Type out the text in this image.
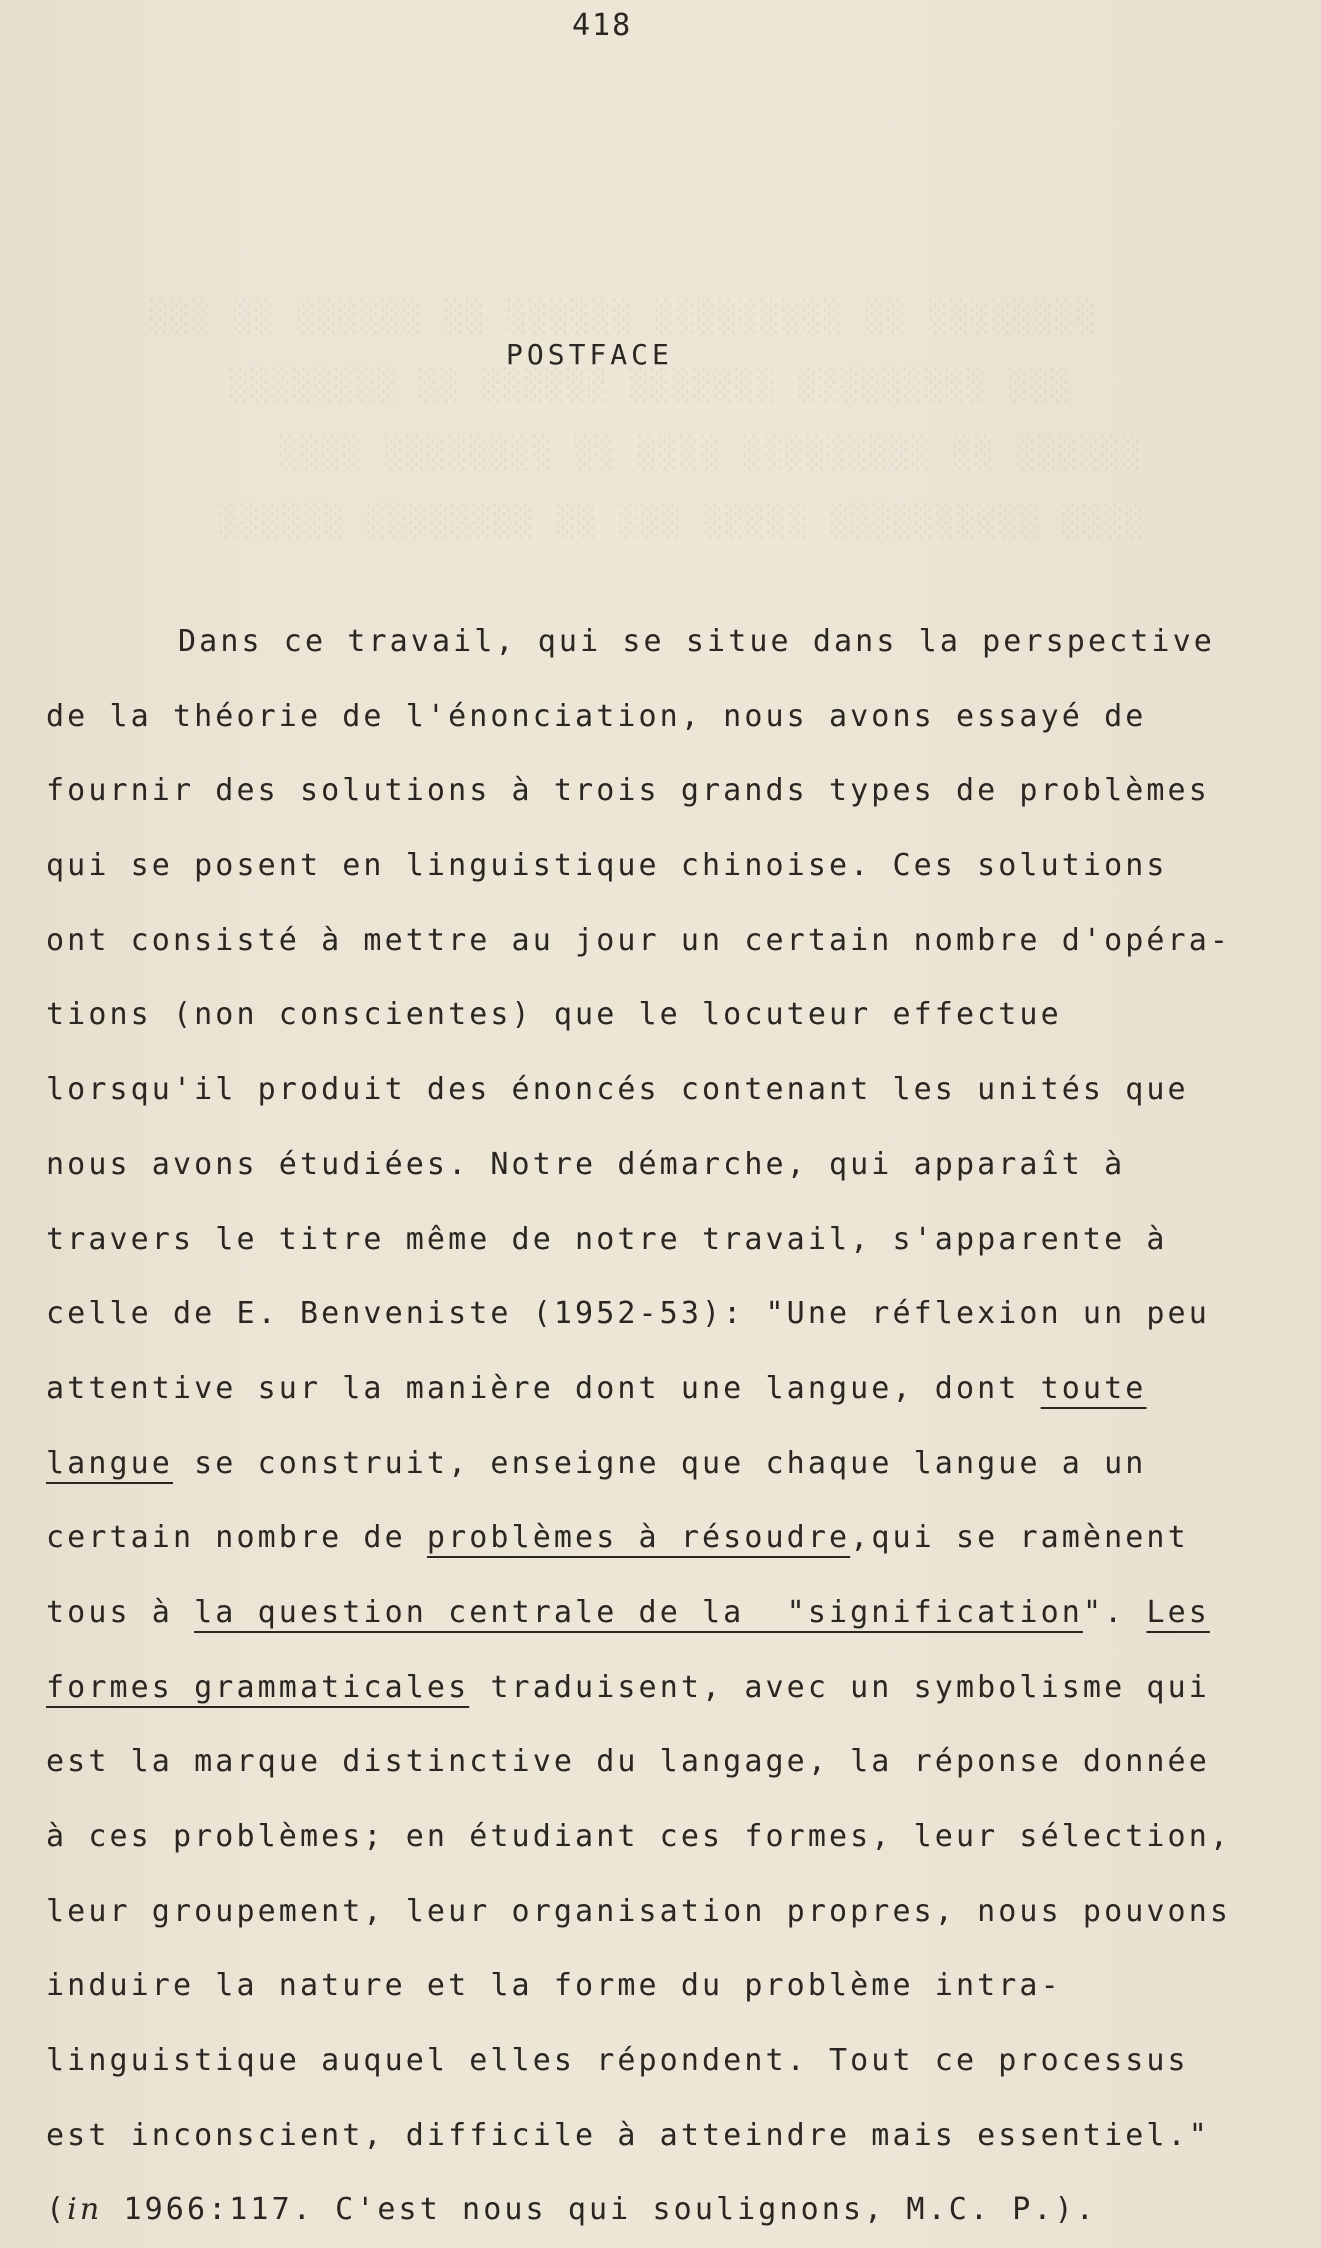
░░░ ░░ ░░░░░░ ░░ ░░░░░░ ░░░░░░░░░ ░░ ░░░░░░░░
░░░░░░░░ ░░ ░░░░░░ ░░░░░░░ ░░░░░░░░░ ░░░
░░░░ ░░░░░░░░ ░░ ░░░░ ░░░░░░░░░ ░░ ░░░░░░
░░░░░░ ░░░░░░░░ ░░ ░░░ ░░░░░ ░░░░░░░░░░ ░░░░
418
POSTFACE
Dans ce travail, qui se situe dans la perspective
de la théorie de l'énonciation, nous avons essayé de
fournir des solutions à trois grands types de problèmes
qui se posent en linguistique chinoise. Ces solutions
ont consisté à mettre au jour un certain nombre d'opéra-
tions (non conscientes) que le locuteur effectue
lorsqu'il produit des énoncés contenant les unités que
nous avons étudiées. Notre démarche, qui apparaît à
travers le titre même de notre travail, s'apparente à
celle de E. Benveniste (1952-53): "Une réflexion un peu
attentive sur la manière dont une langue, dont toute
langue se construit, enseigne que chaque langue a un
certain nombre de problèmes à résoudre,qui se ramènent
tous à la question centrale de la  "signification". Les
formes grammaticales traduisent, avec un symbolisme qui
est la marque distinctive du langage, la réponse donnée
à ces problèmes; en étudiant ces formes, leur sélection,
leur groupement, leur organisation propres, nous pouvons
induire la nature et la forme du problème intra-
linguistique auquel elles répondent. Tout ce processus
est inconscient, difficile à atteindre mais essentiel."
(in 1966:117. C'est nous qui soulignons, M.C. P.).
